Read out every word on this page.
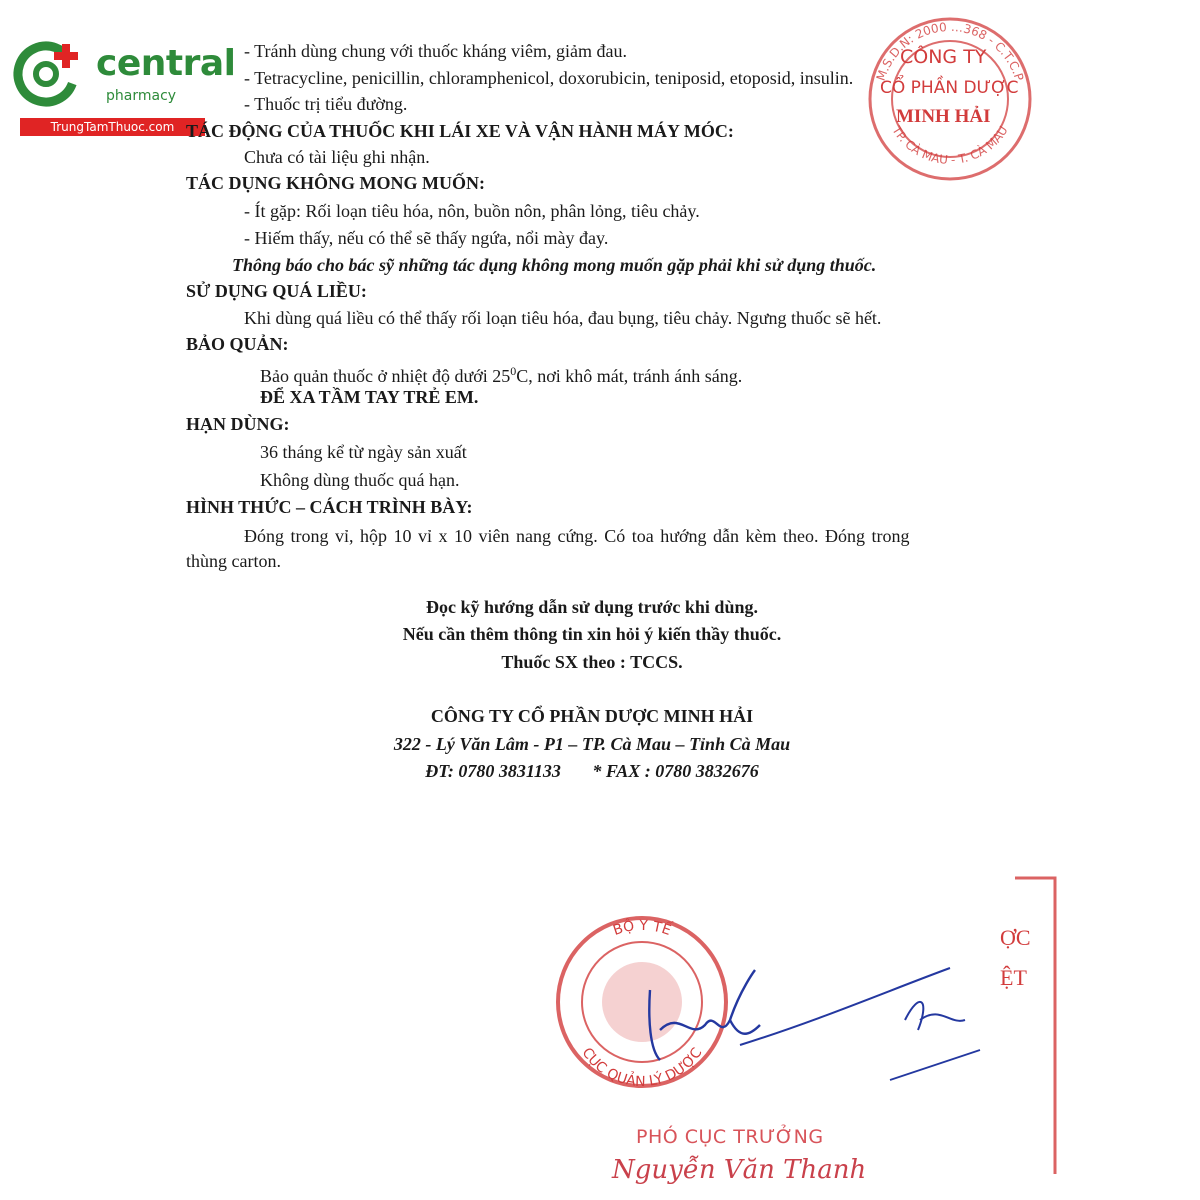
central
pharmacy
TrungTamThuoc.com
M.S.D.N: 2000 …368 - C.T.C.P
TP. CÀ MAU - T. CÀ MAU
CÔNG TY
CỔ PHẦN DƯỢC
MINH HẢI
- Tránh dùng chung với thuốc kháng viêm, giảm đau.
- Tetracycline, penicillin, chloramphenicol, doxorubicin, teniposid, etoposid, insulin.
- Thuốc trị tiểu đường.
TÁC ĐỘNG CỦA THUỐC KHI LÁI XE VÀ VẬN HÀNH MÁY MÓC:
Chưa có tài liệu ghi nhận.
TÁC DỤNG KHÔNG MONG MUỐN:
- Ít gặp: Rối loạn tiêu hóa, nôn, buồn nôn, phân lỏng, tiêu chảy.
- Hiếm thấy, nếu có thể sẽ thấy ngứa, nổi mày đay.
Thông báo cho bác sỹ những tác dụng không mong muốn gặp phải khi sử dụng thuốc.
SỬ DỤNG QUÁ LIỀU:
Khi dùng quá liều có thể thấy rối loạn tiêu hóa, đau bụng, tiêu chảy. Ngưng thuốc sẽ hết.
BẢO QUẢN:
Bảo quản thuốc ở nhiệt độ dưới $25^0C$, nơi khô mát, tránh ánh sáng.
ĐỂ XA TẦM TAY TRẺ EM.
HẠN DÙNG:
36 tháng kể từ ngày sản xuất
Không dùng thuốc quá hạn.
HÌNH THỨC – CÁCH TRÌNH BÀY:
Đóng trong vỉ, hộp 10 vỉ x 10 viên nang cứng. Có toa hướng dẫn kèm theo. Đóng trong
thùng carton.
Đọc kỹ hướng dẫn sử dụng trước khi dùng.
Nếu cần thêm thông tin xin hỏi ý kiến thầy thuốc.
Thuốc SX theo : TCCS.
CÔNG TY CỔ PHẦN DƯỢC MINH HẢI
322 - Lý Văn Lâm - P1 – TP. Cà Mau – Tỉnh Cà Mau
ĐT: 0780 3831133 * FAX : 0780 3832676
BỘ Y TẾ
CỤC QUẢN LÝ DƯỢC
ỢC
ỆT
PHÓ CỤC TRƯỞNG
Nguyễn Văn Thanh
